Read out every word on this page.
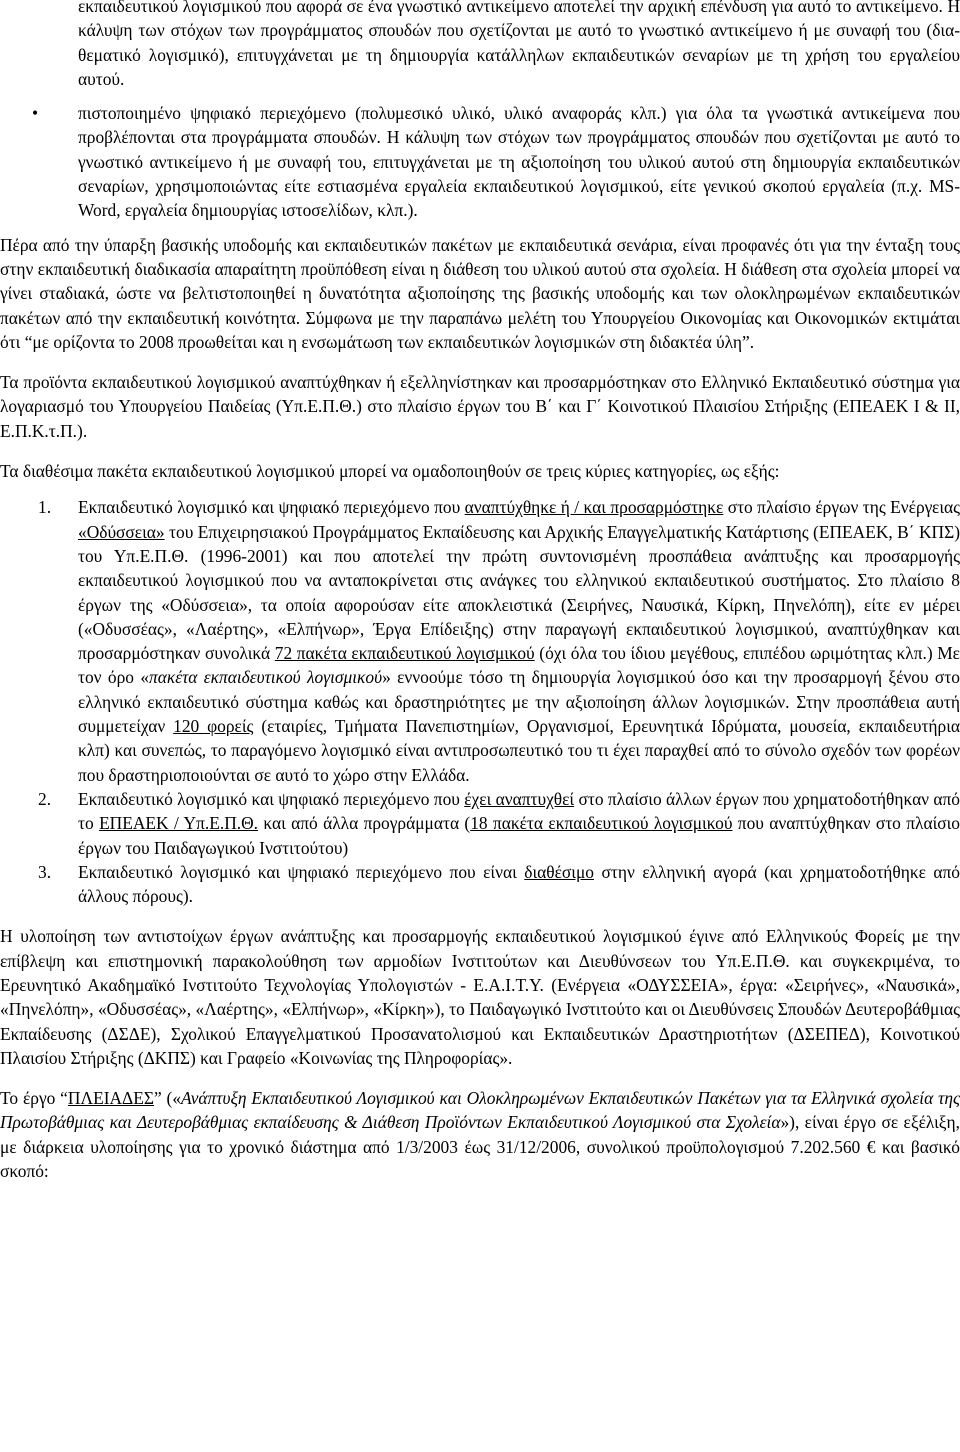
εκπαιδευτικού λογισμικού που αφορά σε ένα γνωστικό αντικείμενο αποτελεί την αρχική επένδυση για αυτό το αντικείμενο. Η κάλυψη των στόχων των προγράμματος σπουδών που σχετίζονται με αυτό το γνωστικό αντικείμενο ή με συναφή του (δια-θεματικό λογισμικό), επιτυγχάνεται με τη δημιουργία κατάλληλων εκπαιδευτικών σεναρίων με τη χρήση του εργαλείου αυτού.
• πιστοποιημένο ψηφιακό περιεχόμενο (πολυμεσικό υλικό, υλικό αναφοράς κλπ.) για όλα τα γνωστικά αντικείμενα που προβλέπονται στα προγράμματα σπουδών. Η κάλυψη των στόχων των προγράμματος σπουδών που σχετίζονται με αυτό το γνωστικό αντικείμενο ή με συναφή του, επιτυγχάνεται με τη αξιοποίηση του υλικού αυτού στη δημιουργία εκπαιδευτικών σεναρίων, χρησιμοποιώντας είτε εστιασμένα εργαλεία εκπαιδευτικού λογισμικού, είτε γενικού σκοπού εργαλεία (π.χ. MS-Word, εργαλεία δημιουργίας ιστοσελίδων, κλπ.).

Πέρα από την ύπαρξη βασικής υποδομής και εκπαιδευτικών πακέτων με εκπαιδευτικά σενάρια, είναι προφανές ότι για την ένταξη τους στην εκπαιδευτική διαδικασία απαραίτητη προϋπόθεση είναι η διάθεση του υλικού αυτού στα σχολεία. Η διάθεση στα σχολεία μπορεί να γίνει σταδιακά, ώστε να βελτιστοποιηθεί η δυνατότητα αξιοποίησης της βασικής υποδομής και των ολοκληρωμένων εκπαιδευτικών πακέτων από την εκπαιδευτική κοινότητα. Σύμφωνα με την παραπάνω μελέτη του Υπουργείου Οικονομίας και Οικονομικών εκτιμάται ότι “με ορίζοντα το 2008 προωθείται και η ενσωμάτωση των εκπαιδευτικών λογισμικών στη διδακτέα ύλη”.

Τα προϊόντα εκπαιδευτικού λογισμικού αναπτύχθηκαν ή εξελληνίστηκαν και προσαρμόστηκαν στο Ελληνικό Εκπαιδευτικό σύστημα για λογαριασμό του Υπουργείου Παιδείας (Υπ.Ε.Π.Θ.) στο πλαίσιο έργων του Β΄ και Γ΄ Κοινοτικού Πλαισίου Στήριξης (ΕΠΕΑΕΚ Ι & ΙΙ, Ε.Π.Κ.τ.Π.).

Τα διαθέσιμα πακέτα εκπαιδευτικού λογισμικού μπορεί να ομαδοποιηθούν σε τρεις κύριες κατηγορίες, ως εξής:

1. Εκπαιδευτικό λογισμικό και ψηφιακό περιεχόμενο που αναπτύχθηκε ή / και προσαρμόστηκε στο πλαίσιο έργων της Ενέργειας «Οδύσσεια» του Επιχειρησιακού Προγράμματος Εκπαίδευσης και Αρχικής Επαγγελματικής Κατάρτισης (ΕΠΕΑΕΚ, Β΄ ΚΠΣ) του Υπ.Ε.Π.Θ. (1996-2001) και που αποτελεί την πρώτη συντονισμένη προσπάθεια ανάπτυξης και προσαρμογής εκπαιδευτικού λογισμικού που να ανταποκρίνεται στις ανάγκες του ελληνικού εκπαιδευτικού συστήματος. Στο πλαίσιο 8 έργων της «Οδύσσεια», τα οποία αφορούσαν είτε αποκλειστικά (Σειρήνες, Ναυσικά, Κίρκη, Πηνελόπη), είτε εν μέρει («Οδυσσέας», «Λαέρτης», «Ελπήνωρ», Έργα Επίδειξης) στην παραγωγή εκπαιδευτικού λογισμικού, αναπτύχθηκαν και προσαρμόστηκαν συνολικά 72 πακέτα εκπαιδευτικού λογισμικού (όχι όλα του ίδιου μεγέθους, επιπέδου ωριμότητας κλπ.) Με τον όρο «πακέτα εκπαιδευτικού λογισμικού» εννοούμε τόσο τη δημιουργία λογισμικού όσο και την προσαρμογή ξένου στο ελληνικό εκπαιδευτικό σύστημα καθώς και δραστηριότητες με την αξιοποίηση άλλων λογισμικών. Στην προσπάθεια αυτή συμμετείχαν 120 φορείς (εταιρίες, Τμήματα Πανεπιστημίων, Οργανισμοί, Ερευνητικά Ιδρύματα, μουσεία, εκπαιδευτήρια κλπ) και συνεπώς, το παραγόμενο λογισμικό είναι αντιπροσωπευτικό του τι έχει παραχθεί από το σύνολο σχεδόν των φορέων που δραστηριοποιούνται σε αυτό το χώρο στην Ελλάδα.
2. Εκπαιδευτικό λογισμικό και ψηφιακό περιεχόμενο που έχει αναπτυχθεί στο πλαίσιο άλλων έργων που χρηματοδοτήθηκαν από το ΕΠΕΑΕΚ / Υπ.Ε.Π.Θ. και από άλλα προγράμματα (18 πακέτα εκπαιδευτικού λογισμικού που αναπτύχθηκαν στο πλαίσιο έργων του Παιδαγωγικού Ινστιτούτου)
3. Εκπαιδευτικό λογισμικό και ψηφιακό περιεχόμενο που είναι διαθέσιμο στην ελληνική αγορά (και χρηματοδοτήθηκε από άλλους πόρους).

Η υλοποίηση των αντιστοίχων έργων ανάπτυξης και προσαρμογής εκπαιδευτικού λογισμικού έγινε από Ελληνικούς Φορείς με την επίβλεψη και επιστημονική παρακολούθηση των αρμοδίων Ινστιτούτων και Διευθύνσεων του Υπ.Ε.Π.Θ. και συγκεκριμένα, το Ερευνητικό Ακαδημαϊκό Ινστιτούτο Τεχνολογίας Υπολογιστών - Ε.Α.Ι.Τ.Υ. (Ενέργεια «ΟΔΥΣΣΕΙΑ», έργα: «Σειρήνες», «Ναυσικά», «Πηνελόπη», «Οδυσσέας», «Λαέρτης», «Ελπήνωρ», «Κίρκη»), το Παιδαγωγικό Ινστιτούτο και οι Διευθύνσεις Σπουδών Δευτεροβάθμιας Εκπαίδευσης (ΔΣΔΕ), Σχολικού Επαγγελματικού Προσανατολισμού και Εκπαιδευτικών Δραστηριοτήτων (ΔΣΕΠΕΔ), Κοινοτικού Πλαισίου Στήριξης (ΔΚΠΣ) και Γραφείο «Κοινωνίας της Πληροφορίας».

Το έργο “ΠΛΕΙΑΔΕΣ” («Ανάπτυξη Εκπαιδευτικού Λογισμικού και Ολοκληρωμένων Εκπαιδευτικών Πακέτων για τα Ελληνικά σχολεία της Πρωτοβάθμιας και Δευτεροβάθμιας εκπαίδευσης & Διάθεση Προϊόντων Εκπαιδευτικού Λογισμικού στα Σχολεία»), είναι έργο σε εξέλιξη, με διάρκεια υλοποίησης για το χρονικό διάστημα από 1/3/2003 έως 31/12/2006, συνολικού προϋπολογισμού 7.202.560 € και βασικό σκοπό:
